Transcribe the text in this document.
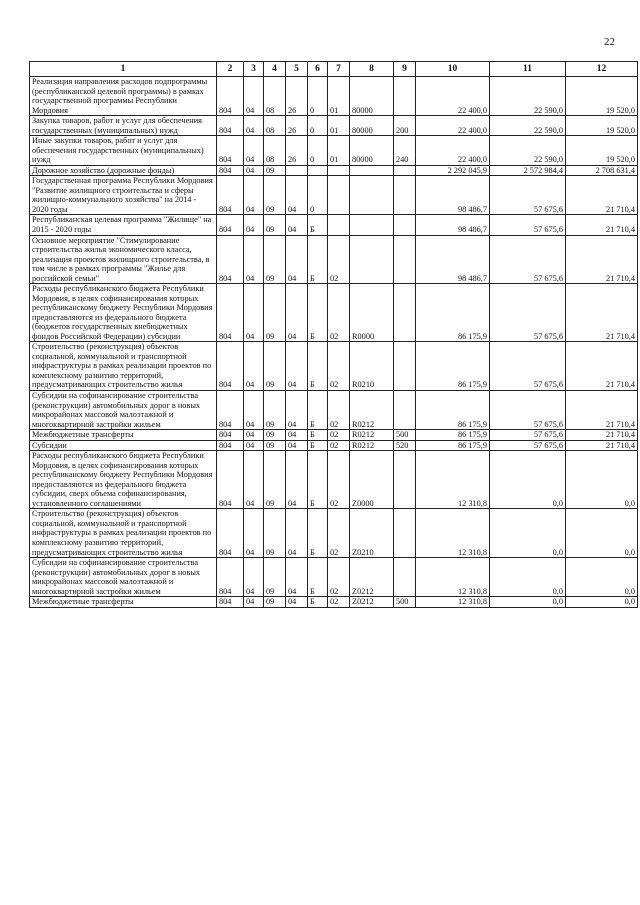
22
1	2	3	4	5	6	7	8	9	10	11	12
Реализация направления расходов подпрограммы (республиканской целевой программы) в рамках государственной программы Республики Мордовия	804	04	08	26	0	01	80000		22 400,0	22 590,0	19 520,0
Закупка товаров, работ и услуг для обеспечения государственных (муниципальных) нужд	804	04	08	26	0	01	80000	200	22 400,0	22 590,0	19 520,0
Иные закупки товаров, работ и услуг для обеспечения государственных (муниципальных) нужд	804	04	08	26	0	01	80000	240	22 400,0	22 590,0	19 520,0
Дорожное хозяйство (дорожные фонды)	804	04	09						2 292 045,9	2 572 984,4	2 708 631,4
Государственная программа Республики Мордовия "Развитие жилищного строительства и сферы жилищно-коммунального хозяйства" на 2014 - 2020 годы	804	04	09	04	0				98 486,7	57 675,6	21 710,4
Республиканская целевая программа "Жилище" на 2015 - 2020 годы	804	04	09	04	Б				98 486,7	57 675,6	21 710,4
Основное мероприятие "Стимулирование строительства жилья экономического класса, реализация проектов жилищного строительства, в том числе в рамках программы "Жилье для российской семьи"	804	04	09	04	Б	02			98 486,7	57 675,6	21 710,4
Расходы республиканского бюджета Республики Мордовия, в целях софинансирования которых республиканскому бюджету Республики Мордовия предоставляются из федерального бюджета (бюджетов государственных внебюджетных фондов Российской Федерации) субсидии	804	04	09	04	Б	02	R0000		86 175,9	57 675,6	21 710,4
Строительство (реконструкция) объектов социальной, коммунальной и транспортной инфраструктуры в рамках реализации проектов по комплексному развитию территорий, предусматривающих строительство жилья	804	04	09	04	Б	02	R0210		86 175,9	57 675,6	21 710,4
Субсидии на софинансирование строительства (реконструкции) автомобильных дорог в новых микрорайонах массовой малоэтажной и многоквартирной застройки жильем	804	04	09	04	Б	02	R0212		86 175,9	57 675,6	21 710,4
Межбюджетные трансферты	804	04	09	04	Б	02	R0212	500	86 175,9	57 675,6	21 710,4
Субсидии	804	04	09	04	Б	02	R0212	520	86 175,9	57 675,6	21 710,4
Расходы республиканского бюджета Республики Мордовия, в целях софинансирования которых республиканскому бюджету Республики Мордовия предоставляются из федерального бюджета субсидии, сверх объема софинансирования, установленного соглашениями	804	04	09	04	Б	02	Z0000		12 310,8	0,0	0,0
Строительство (реконструкция) объектов социальной, коммунальной и транспортной инфраструктуры в рамках реализации проектов по комплексному развитию территорий, предусматривающих строительство жилья	804	04	09	04	Б	02	Z0210		12 310,8	0,0	0,0
Субсидии на софинансирование строительства (реконструкции) автомобильных дорог в новых микрорайонах массовой малоэтажной и многоквартирной застройки жильем	804	04	09	04	Б	02	Z0212		12 310,8	0,0	0,0
Межбюджетные трансферты	804	04	09	04	Б	02	Z0212	500	12 310,8	0,0	0,0
